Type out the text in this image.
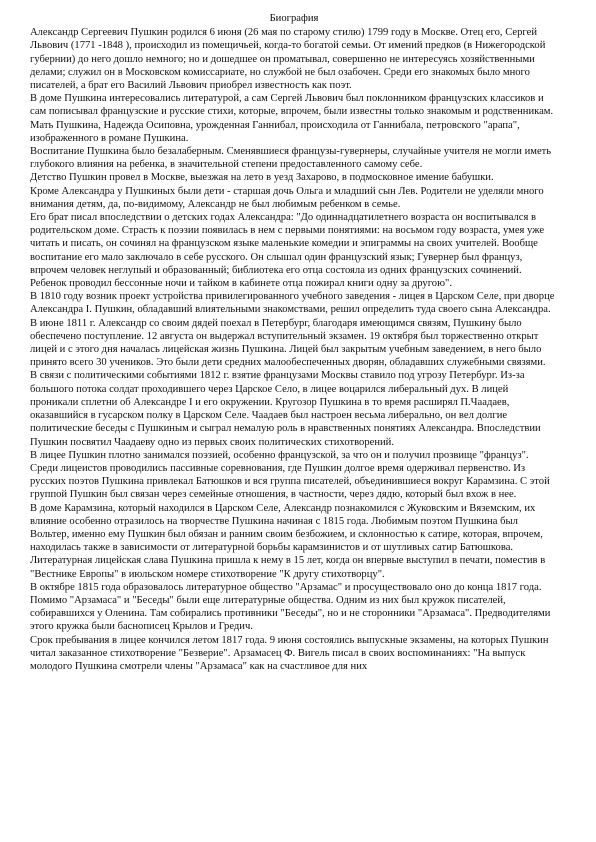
Биография

Александр Сергеевич Пушкин родился 6 июня (26 мая по старому стилю) 1799 году в Москве. Отец его, Сергей Львович (1771 -1848 ), происходил из помещичьей, когда-то богатой семьи. От имений предков (в Нижегородской губернии) до него дошло немного; но и дошедшее он проматывал, совершенно не интересуясь хозяйственными делами; служил он в Московском комиссариате, но службой не был озабочен. Среди его знакомых было много писателей, а брат его Василий Львович приобрел известность как поэт.

В доме Пушкина интересовались литературой, а сам Сергей Львович был поклонником французских классиков и сам пописывал французские и русские стихи, которые, впрочем, были известны только знакомым и родственникам. Мать Пушкина, Надежда Осиповна, урожденная Ганнибал, происходила от Ганнибала, петровского "арапа", изображенного в романе Пушкина.

Воспитание Пушкина было безалаберным. Сменявшиеся французы-гувернеры, случайные учителя не могли иметь глубокого влияния на ребенка, в значительной степени предоставленного самому себе.

Детство Пушкин провел в Москве, выезжая на лето в уезд Захарово, в подмосковное имение бабушки.

Кроме Александра у Пушкиных были дети - старшая дочь Ольга и младший сын Лев. Родители не уделяли много внимания детям, да, по-видимому, Александр не был любимым ребенком в семье.

Его брат писал впоследствии о детских годах Александра: "До одиннадцатилетнего возраста он воспитывался в родительском доме. Страсть к поэзии появилась в нем с первыми понятиями: на восьмом году возраста, умея уже читать и писать, он сочинял на французском языке маленькие комедии и эпиграммы на своих учителей. Вообще воспитание его мало заключало в себе русского. Он слышал один французский язык; Гувернер был француз, впрочем человек неглупый и образованный; библиотека его отца состояла из одних французских сочинений. Ребенок проводил бессонные ночи и тайком в кабинете отца пожирал книги одну за другою".

В 1810 году возник проект устройства привилегированного учебного заведения - лицея в Царском Селе, при дворце Александра I. Пушкин, обладавший влиятельными знакомствами, решил определить туда своего сына Александра. В июне 1811 г. Александр со своим дядей поехал в Петербург, благодаря имеющимся связям, Пушкину было обеспечено поступление. 12 августа он выдержал вступительный экзамен. 19 октября был торжественно открыт лицей и с этого дня началась лицейская жизнь Пушкина. Лицей был закрытым учебным заведением, в него было принято всего 30 учеников. Это были дети средних малообеспеченных дворян, обладавших служебными связями.

В связи с политическими событиями 1812 г. взятие французами Москвы ставило под угрозу Петербург. Из-за большого потока солдат проходившего через Царское Село, в лицее воцарился либеральный дух. В лицей проникали сплетни об Александре I и его окружении. Кругозор Пушкина в то время расширял П.Чаадаев, оказавшийся в гусарском полку в Царском Селе. Чаадаев был настроен весьма либерально, он вел долгие политические беседы с Пушкиным и сыграл немалую роль в нравственных понятиях Александра. Впоследствии Пушкин посвятил Чаадаеву одно из первых своих политических стихотворений.

В лицее Пушкин плотно занимался поэзией, особенно французской, за что он и получил прозвище "француз". Среди лицеистов проводились пассивные соревнования, где Пушкин долгое время одерживал первенство. Из русских поэтов Пушкина привлекал Батюшков и вся группа писателей, объединившиеся вокруг Карамзина. С этой группой Пушкин был связан через семейные отношения, в частности, через дядю, который был вхож в нее.

В доме Карамзина, который находился в Царском Селе, Александр познакомился с Жуковским и Вяземским, их влияние особенно отразилось на творчестве Пушкина начиная с 1815 года. Любимым поэтом Пушкина был Вольтер, именно ему Пушкин был обязан и ранним своим безбожием, и склонностью к сатире, которая, впрочем, находилась также в зависимости от литературной борьбы карамзинистов и от шутливых сатир Батюшкова.

Литературная лицейская слава Пушкина пришла к нему в 15 лет, когда он впервые выступил в печати, поместив в "Вестнике Европы" в июльском номере стихотворение "К другу стихотворцу".

В октябре 1815 года образовалось литературное общество "Арзамас" и просуществовало оно до конца 1817 года. Помимо "Арзамаса" и "Беседы" были еще литературные общества. Одним из них был кружок писателей, собиравшихся у Оленина. Там собирались противники "Беседы", но и не сторонники "Арзамаса". Предводителями этого кружка были баснописец Крылов и Гредич.

Срок пребывания в лицее кончился летом 1817 года. 9 июня состоялись выпускные экзамены, на которых Пушкин читал заказанное стихотворение "Безверие". Арзамасец Ф. Вигель писал в своих воспоминаниях: "На выпуск молодого Пушкина смотрели члены "Арзамаса" как на счастливое для них
